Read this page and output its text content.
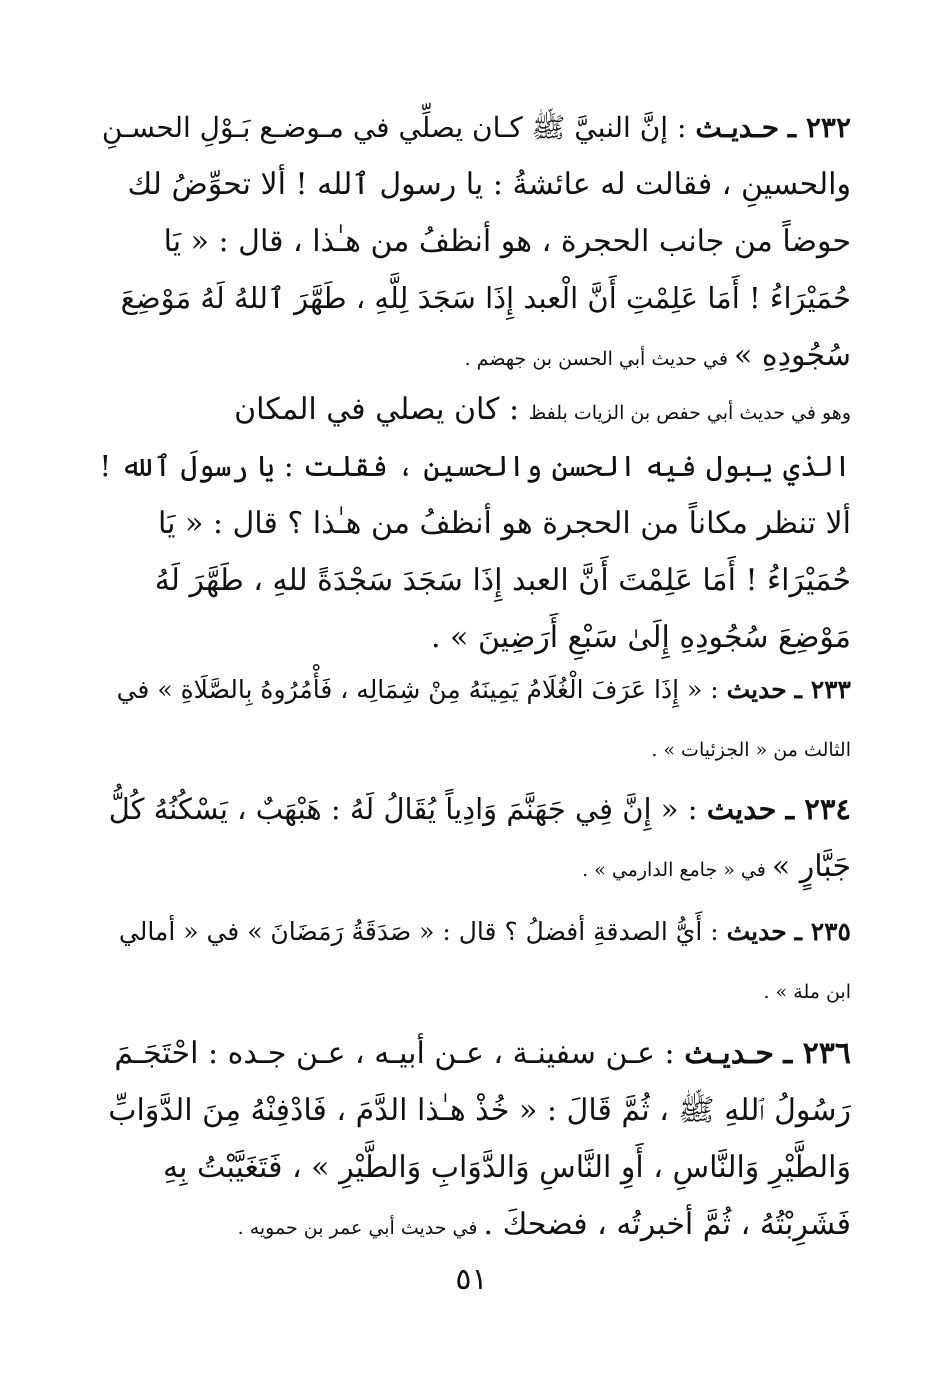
٢٣٢ ـ حـديـث : إنَّ النبيَّ ﷺ كـان يصلِّي في مـوضـع بَـوْلِ الحسـنِ
والحسينِ ، فقالت له عائشةُ : يا رسول ٱلله ! ألا تحوِّضُ لك
حوضاً من جانب الحجرة ، هو أنظفُ من هـٰذا ، قال : « يَا
حُمَيْرَاءُ ! أَمَا عَلِمْتِ أَنَّ الْعبد إِذَا سَجَدَ لِلَّهِ ، طَهَّرَ ٱللهُ لَهُ مَوْضِعَ
سُجُودِهِ » في حديث أبي الحسن بن جهضم .
وهو في حديث أبي حفص بن الزيات بلفظ : كان يصلي في المكان
الذي يبول فيه الحسن والحسين ، فقلت : يا رسولَ ٱلله !
ألا تنظر مكاناً من الحجرة هو أنظفُ من هـٰذا ؟ قال : « يَا
حُمَيْرَاءُ ! أَمَا عَلِمْتَ أَنَّ العبد إِذَا سَجَدَ سَجْدَةً للهِ ، طَهَّرَ لَهُ
مَوْضِعَ سُجُودِهِ إِلَىٰ سَبْعِ أَرَضِينَ » .
٢٣٣ ـ حديث : « إِذَا عَرَفَ الْغُلَامُ يَمِينَهُ مِنْ شِمَالِه ، فَأْمُرُوهُ بِالصَّلَاةِ » في
الثالث من « الجزئيات » .
٢٣٤ ـ حديث : « إِنَّ فِي جَهَنَّمَ وَادِياً يُقَالُ لَهُ : هَبْهَبٌ ، يَسْكُنُهُ كُلُّ
جَبَّارٍ » في « جامع الدارمي » .
٢٣٥ ـ حديث : أَيُّ الصدقةِ أفضلُ ؟ قال : « صَدَقَةُ رَمَضَانَ » في « أمالي
ابن ملة » .
٢٣٦ ـ حـديـث : عـن سفينـة ، عـن أبيـه ، عـن جـده : احْتَجَـمَ
رَسُولُ ٱللهِ ﷺ ، ثُمَّ قَالَ : « خُذْ هـٰذا الدَّمَ ، فَادْفِنْهُ مِنَ الدَّوَابِّ
وَالطَّيْرِ وَالنَّاسِ ، أَوِ النَّاسِ وَالدَّوَابِ وَالطَّيْرِ » ، فَتَغَيَّبْتُ بِهِ
فَشَرِبْتُهُ ، ثُمَّ أخبرتُه ، فضحكَ . في حديث أبي عمر بن حمويه .
٥١
